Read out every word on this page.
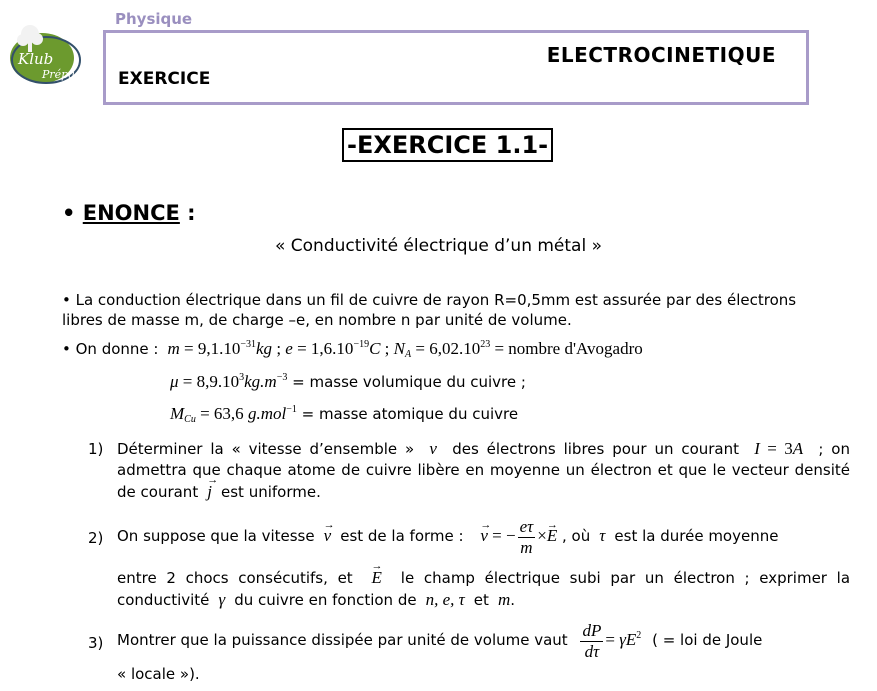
Klub
Prépa
Physique
ELECTROCINETIQUE
EXERCICE
-EXERCICE 1.1-
• ENONCE :
« Conductivité électrique d’un métal »
• La conduction électrique dans un fil de cuivre de rayon R=0,5mm est assurée par des électrons
libres de masse m, de charge –e, en nombre n par unité de volume.
• On donne :  $m = 9,1.10^{-31}kg$ ; $e = 1,6.10^{-19}C$ ; $N_A = 6,02.10^{23}$ = nombre d'Avogadro
$\mu = 8,9.10^3kg.m^{-3}$ = masse volumique du cuivre ;
$M_{Cu} = 63,6$ g.mol$^{-1}$ = masse atomique du cuivre
1) Déterminer la « vitesse d’ensemble »  v  des électrons libres pour un courant  I = 3A  ; on admettra que chaque atome de cuivre libère en moyenne un électron et que le vecteur densité de courant → j est uniforme.
2) On suppose que la vitesse → v est de la forme : → v = − $\frac{e\tau}{m} \times\to E$ , où  τ  est la durée moyenne
entre 2 chocs consécutifs, et → E le champ électrique subi par un électron ; exprimer la conductivité  γ  du cuivre en fonction de  n, e, τ  et  m.
3) Montrer que la puissance dissipée par unité de volume vaut $\frac{dP}{d\tau} = \gamma E^2$ ( = loi de Joule
« locale »).
